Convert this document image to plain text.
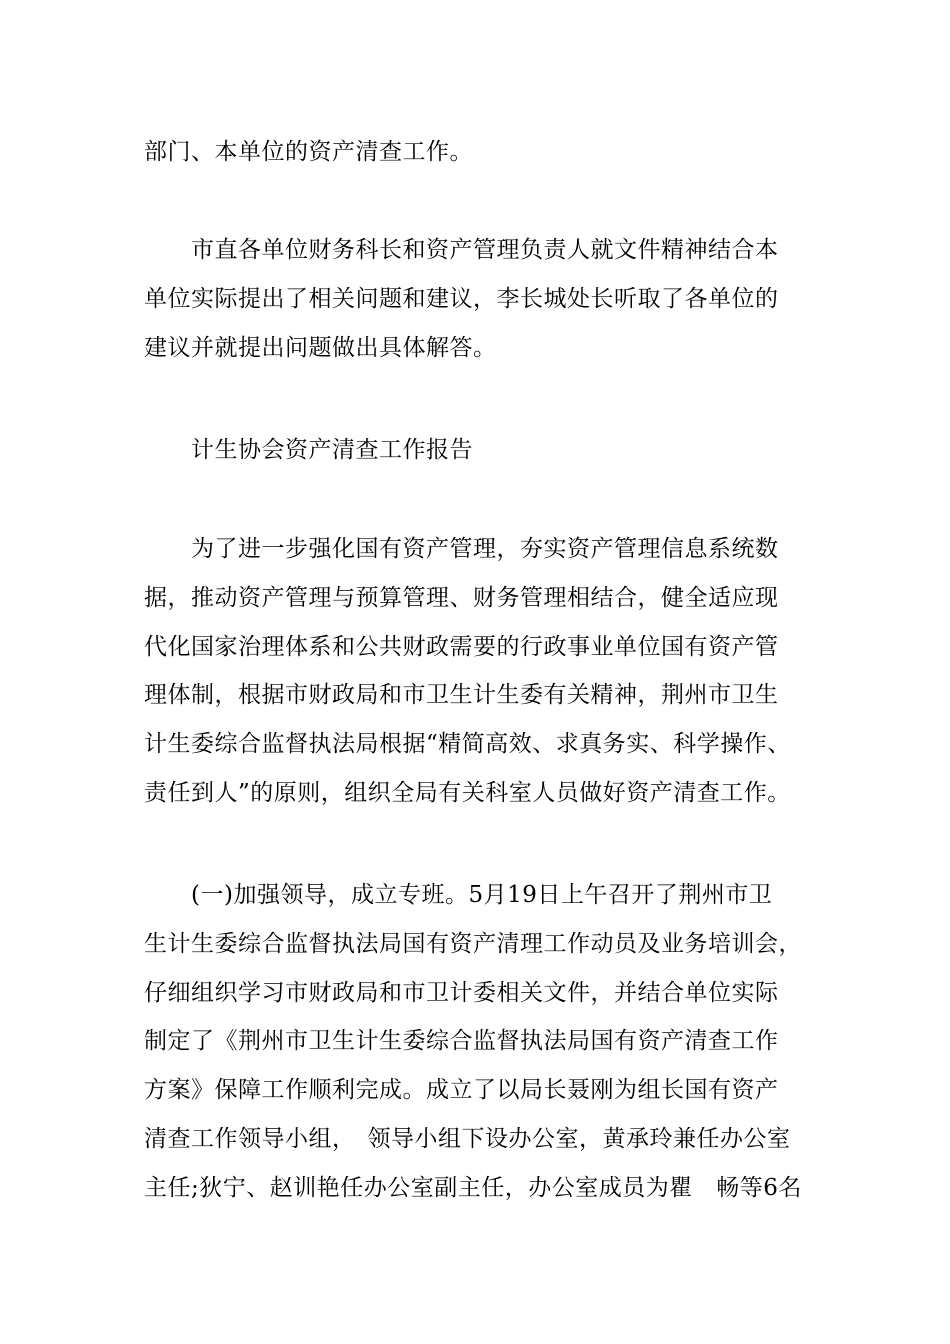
部门、本单位的资产清查工作。

　　市直各单位财务科长和资产管理负责人就文件精神结合本
单位实际提出了相关问题和建议，李长城处长听取了各单位的
建议并就提出问题做出具体解答。

　　计生协会资产清查工作报告

　　为了进一步强化国有资产管理，夯实资产管理信息系统数
据，推动资产管理与预算管理、财务管理相结合，健全适应现
代化国家治理体系和公共财政需要的行政事业单位国有资产管
理体制，根据市财政局和市卫生计生委有关精神，荆州市卫生
计生委综合监督执法局根据“精简高效、求真务实、科学操作、
责任到人”的原则，组织全局有关科室人员做好资产清查工作。

　　(一)加强领导，成立专班。5月19日上午召开了荆州市卫
生计生委综合监督执法局国有资产清理工作动员及业务培训会，
仔细组织学习市财政局和市卫计委相关文件，并结合单位实际
制定了《荆州市卫生计生委综合监督执法局国有资产清查工作
方案》保障工作顺利完成。成立了以局长聂刚为组长国有资产
清查工作领导小组，　领导小组下设办公室，黄承玲兼任办公室
主任;狄宁、赵训艳任办公室副主任，办公室成员为瞿　畅等6名
